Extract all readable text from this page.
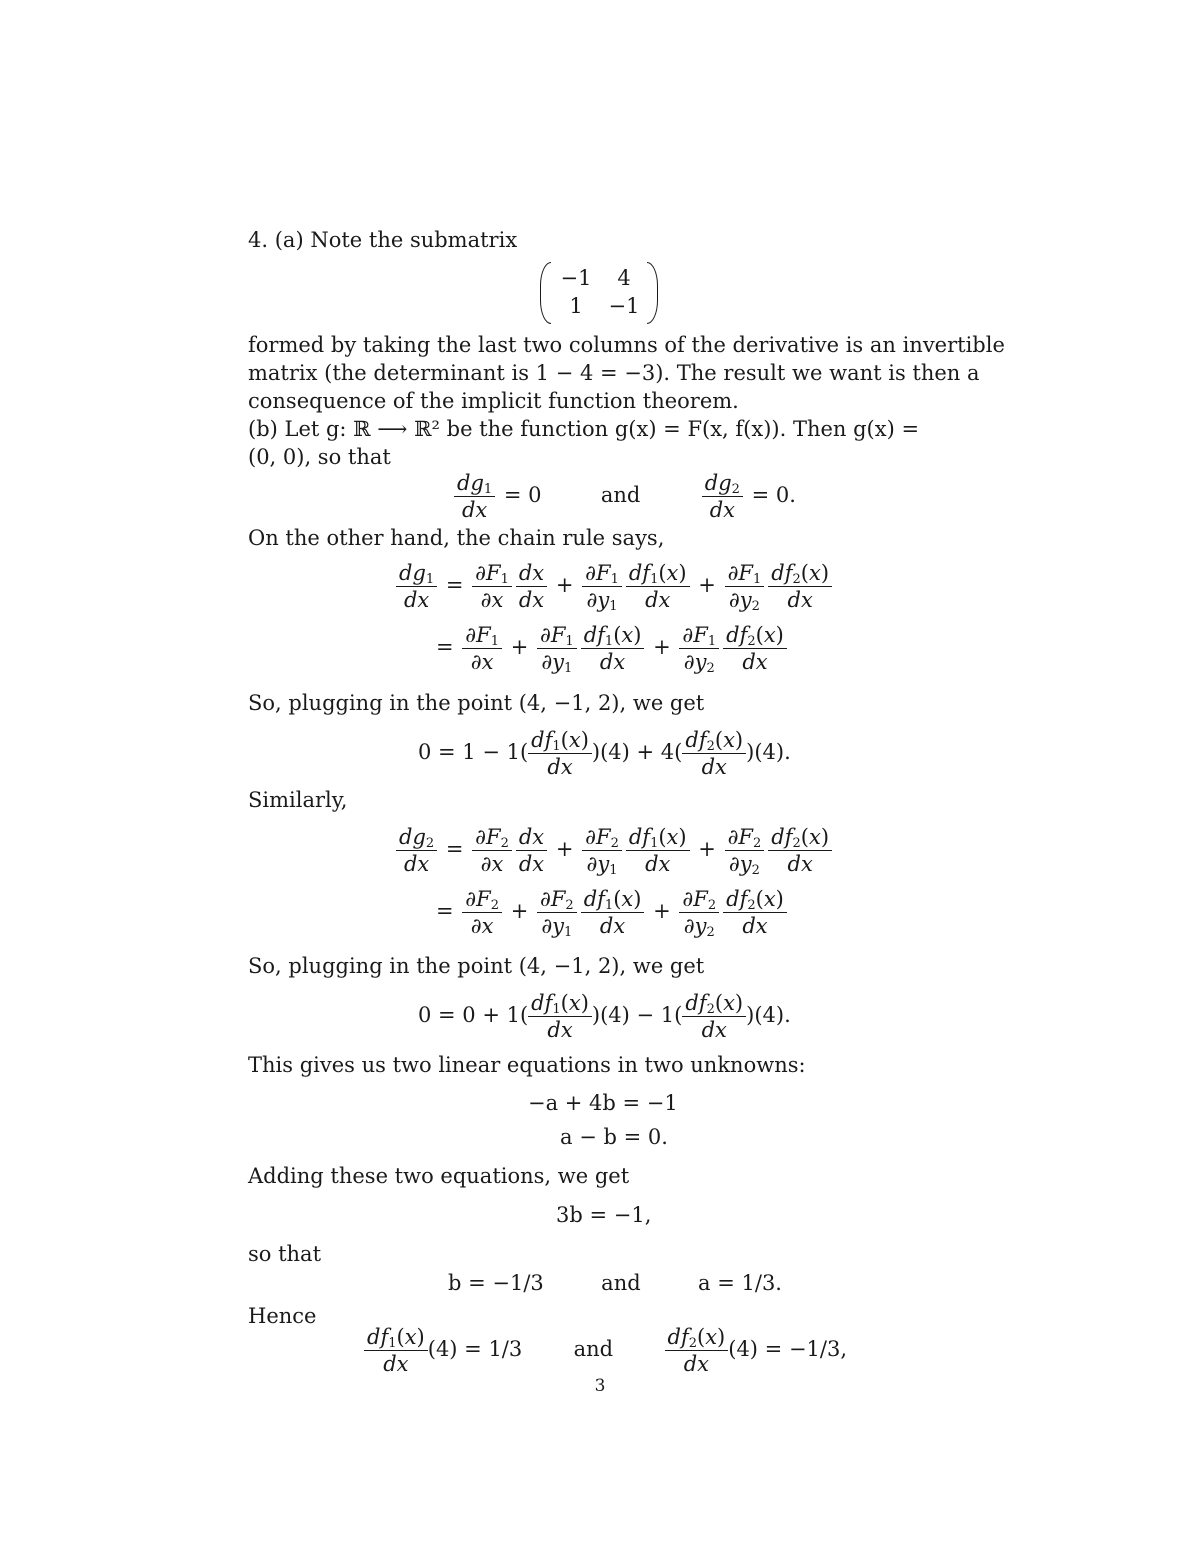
4. (a) Note the submatrix
−1	4
1	−1
formed by taking the last two columns of the derivative is an invertible
matrix (the determinant is 1 − 4 = −3). The result we want is then a
consequence of the implicit function theorem.
(b) Let g: ℝ ⟶ ℝ² be the function g(x) = F(x, f(x)). Then g(x) =
(0, 0), so that
$\frac{dg_1}{dx} = 0$	and	$\frac{dg_2}{dx} = 0$.
On the other hand, the chain rule says,
$\frac{dg_1}{dx} = \frac{\partial F_1}{\partial x} \frac{dx}{dx} + \frac{\partial F_1}{\partial y_1} \frac{df_1(x)}{dx} + \frac{\partial F_1}{\partial y_2} \frac{df_2(x)}{dx}$
= $\frac{\partial F_1}{\partial x} + \frac{\partial F_1}{\partial y_1} \frac{df_1(x)}{dx} + \frac{\partial F_1}{\partial y_2} \frac{df_2(x)}{dx}$
So, plugging in the point (4, −1, 2), we get
$0 = 1 - 1( \frac{df_1(x)}{dx} )(4) + 4( \frac{df_2(x)}{dx} )(4)$.
Similarly,
$\frac{dg_2}{dx} = \frac{\partial F_2}{\partial x} \frac{dx}{dx} + \frac{\partial F_2}{\partial y_1} \frac{df_1(x)}{dx} + \frac{\partial F_2}{\partial y_2} \frac{df_2(x)}{dx}$
= $\frac{\partial F_2}{\partial x} + \frac{\partial F_2}{\partial y_1} \frac{df_1(x)}{dx} + \frac{\partial F_2}{\partial y_2} \frac{df_2(x)}{dx}$
So, plugging in the point (4, −1, 2), we get
$0 = 0 + 1( \frac{df_1(x)}{dx} )(4) - 1( \frac{df_2(x)}{dx} )(4)$.
This gives us two linear equations in two unknowns:
−a + 4b = −1
a − b = 0.
Adding these two equations, we get
3b = −1,
so that
b = −1/3	and	a = 1/3.
Hence
$\frac{df_1(x)}{dx} (4) = 1/3$ and $\frac{df_2(x)}{dx} (4) = -1/3$,
3
